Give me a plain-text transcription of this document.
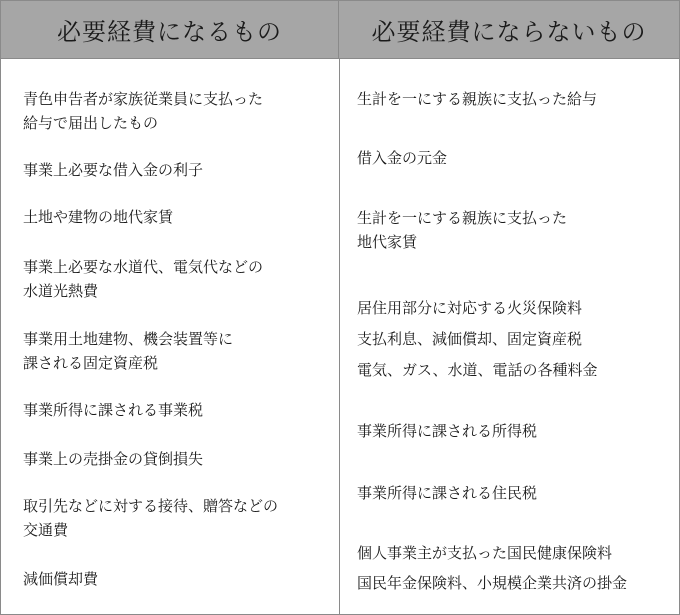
必要経費になるもの	必要経費にならないもの
青色申告者が家族従業員に支払った
給与で届出したもの
事業上必要な借入金の利子
土地や建物の地代家賃
事業上必要な水道代、電気代などの
水道光熱費
事業用土地建物、機会装置等に
課される固定資産税
事業所得に課される事業税
事業上の売掛金の貸倒損失
取引先などに対する接待、贈答などの
交通費
減価償却費
生計を一にする親族に支払った給与
借入金の元金
生計を一にする親族に支払った
地代家賃
居住用部分に対応する火災保険料
支払利息、減価償却、固定資産税
電気、ガス、水道、電話の各種料金
事業所得に課される所得税
事業所得に課される住民税
個人事業主が支払った国民健康保険料
国民年金保険料、小規模企業共済の掛金
